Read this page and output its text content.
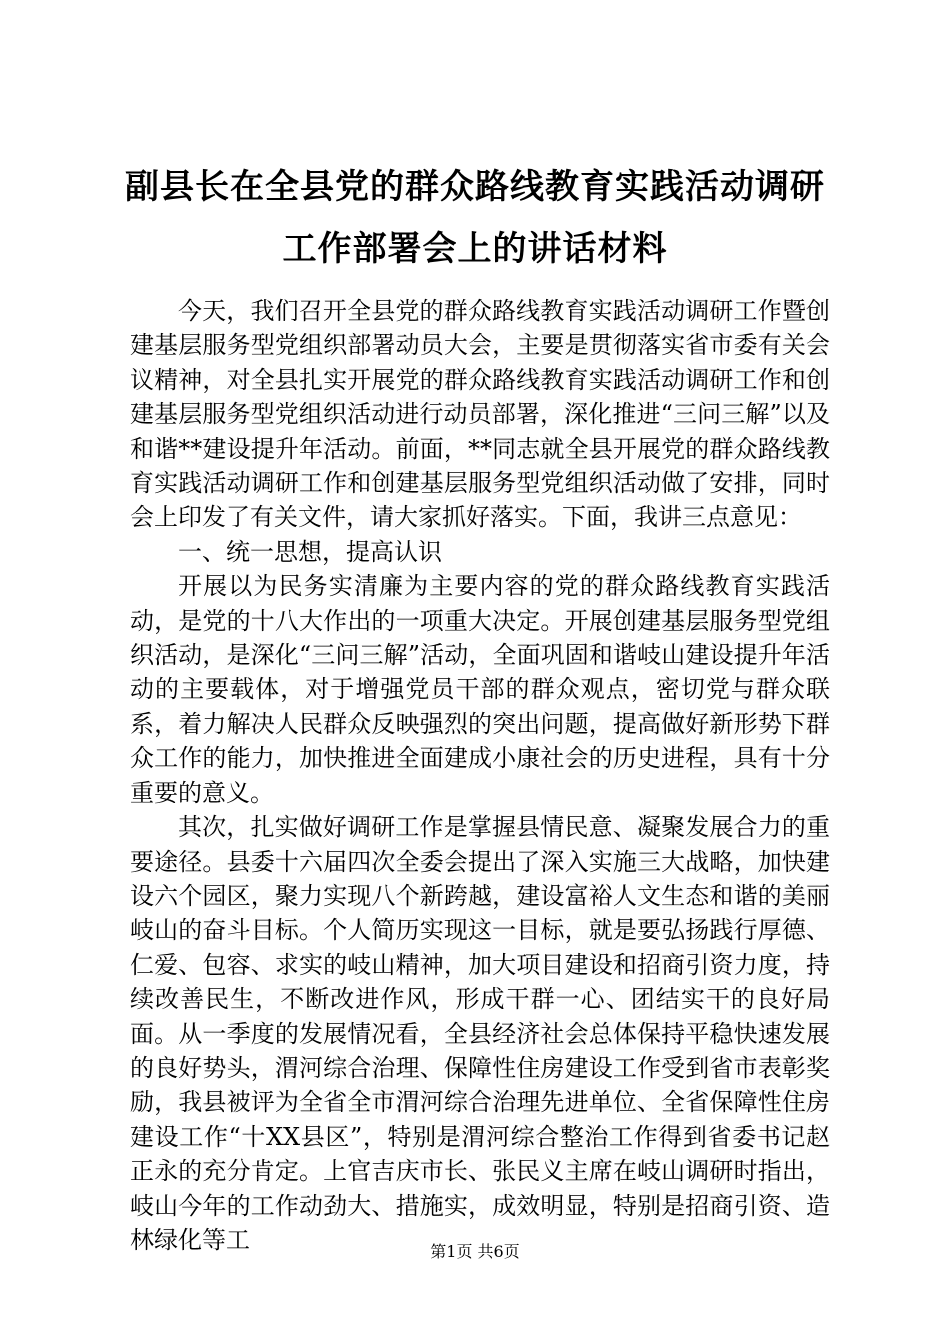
副县长在全县党的群众路线教育实践活动调研
工作部署会上的讲话材料

今天，我们召开全县党的群众路线教育实践活动调研工作暨创建基层服务型党组织部署动员大会，主要是贯彻落实省市委有关会议精神，对全县扎实开展党的群众路线教育实践活动调研工作和创建基层服务型党组织活动进行动员部署，深化推进“三问三解”以及和谐**建设提升年活动。前面，**同志就全县开展党的群众路线教育实践活动调研工作和创建基层服务型党组织活动做了安排，同时会上印发了有关文件，请大家抓好落实。下面，我讲三点意见：

一、统一思想，提高认识

开展以为民务实清廉为主要内容的党的群众路线教育实践活动，是党的十八大作出的一项重大决定。开展创建基层服务型党组织活动，是深化“三问三解”活动，全面巩固和谐岐山建设提升年活动的主要载体，对于增强党员干部的群众观点，密切党与群众联系，着力解决人民群众反映强烈的突出问题，提高做好新形势下群众工作的能力，加快推进全面建成小康社会的历史进程，具有十分重要的意义。

其次，扎实做好调研工作是掌握县情民意、凝聚发展合力的重要途径。县委十六届四次全委会提出了深入实施三大战略，加快建设六个园区，聚力实现八个新跨越，建设富裕人文生态和谐的美丽岐山的奋斗目标。个人简历实现这一目标，就是要弘扬践行厚德、仁爱、包容、求实的岐山精神，加大项目建设和招商引资力度，持续改善民生，不断改进作风，形成干群一心、团结实干的良好局面。从一季度的发展情况看，全县经济社会总体保持平稳快速发展的良好势头，渭河综合治理、保障性住房建设工作受到省市表彰奖励，我县被评为全省全市渭河综合治理先进单位、全省保障性住房建设工作“十XX县区”，特别是渭河综合整治工作得到省委书记赵正永的充分肯定。上官吉庆市长、张民义主席在岐山调研时指出，岐山今年的工作动劲大、措施实，成效明显，特别是招商引资、造林绿化等工	第1页 共6页
